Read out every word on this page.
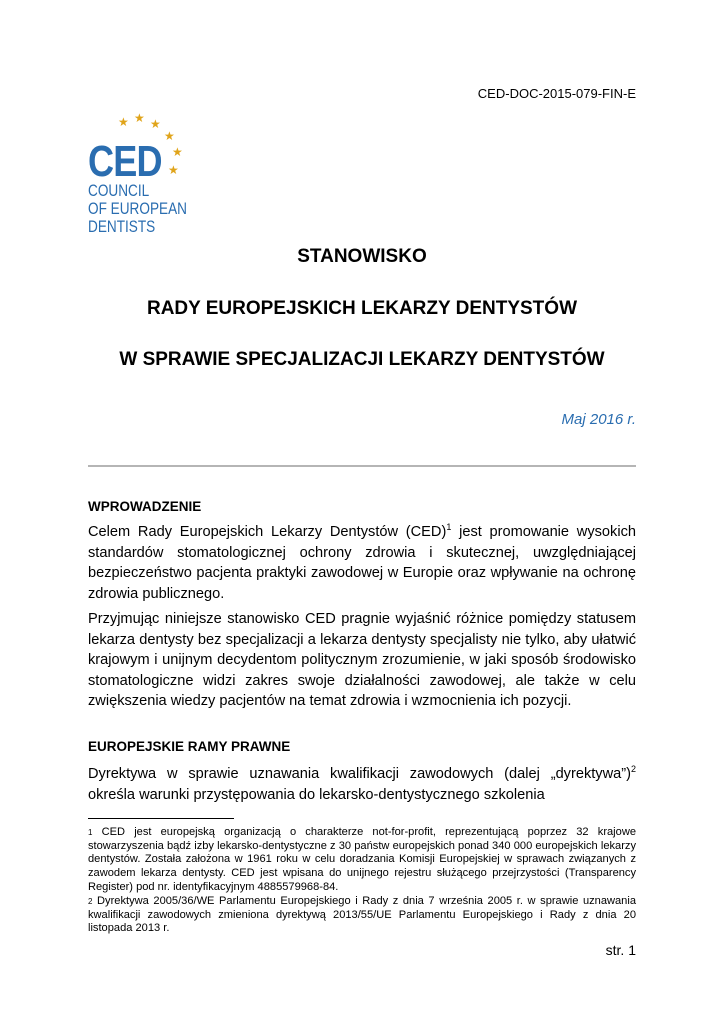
CED-DOC-2015-079-FIN-E
★ ★ ★
★
★
★
CED
COUNCIL
OF EUROPEAN
DENTISTS
STANOWISKO
RADY EUROPEJSKICH LEKARZY DENTYSTÓW
W SPRAWIE SPECJALIZACJI LEKARZY DENTYSTÓW
Maj 2016 r.
WPROWADZENIE
Celem Rady Europejskich Lekarzy Dentystów (CED)$^1$ jest promowanie wysokich standardów stomatologicznej ochrony zdrowia i skutecznej, uwzględniającej bezpieczeństwo pacjenta praktyki zawodowej w Europie oraz wpływanie na ochronę zdrowia publicznego.
Przyjmując niniejsze stanowisko CED pragnie wyjaśnić różnice pomiędzy statusem lekarza dentysty bez specjalizacji a lekarza dentysty specjalisty nie tylko, aby ułatwić krajowym i unijnym decydentom politycznym zrozumienie, w jaki sposób środowisko stomatologiczne widzi zakres swoje działalności zawodowej, ale także w celu zwiększenia wiedzy pacjentów na temat zdrowia i wzmocnienia ich pozycji.
EUROPEJSKIE RAMY PRAWNE
Dyrektywa w sprawie uznawania kwalifikacji zawodowych (dalej „dyrektywa”)$^2$ określa warunki przystępowania do lekarsko-dentystycznego szkolenia
$^1$ CED jest europejską organizacją o charakterze not-for-profit, reprezentującą poprzez 32 krajowe stowarzyszenia bądź izby lekarsko-dentystyczne z 30 państw europejskich ponad 340 000 europejskich lekarzy dentystów. Została założona w 1961 roku w celu doradzania Komisji Europejskiej w sprawach związanych z zawodem lekarza dentysty. CED jest wpisana do unijnego rejestru służącego przejrzystości (Transparency Register) pod nr. identyfikacyjnym 4885579968-84.
$^2$ Dyrektywa 2005/36/WE Parlamentu Europejskiego i Rady z dnia 7 września 2005 r. w sprawie uznawania kwalifikacji zawodowych zmieniona dyrektywą 2013/55/UE Parlamentu Europejskiego i Rady z dnia 20 listopada 2013 r.
str. 1
